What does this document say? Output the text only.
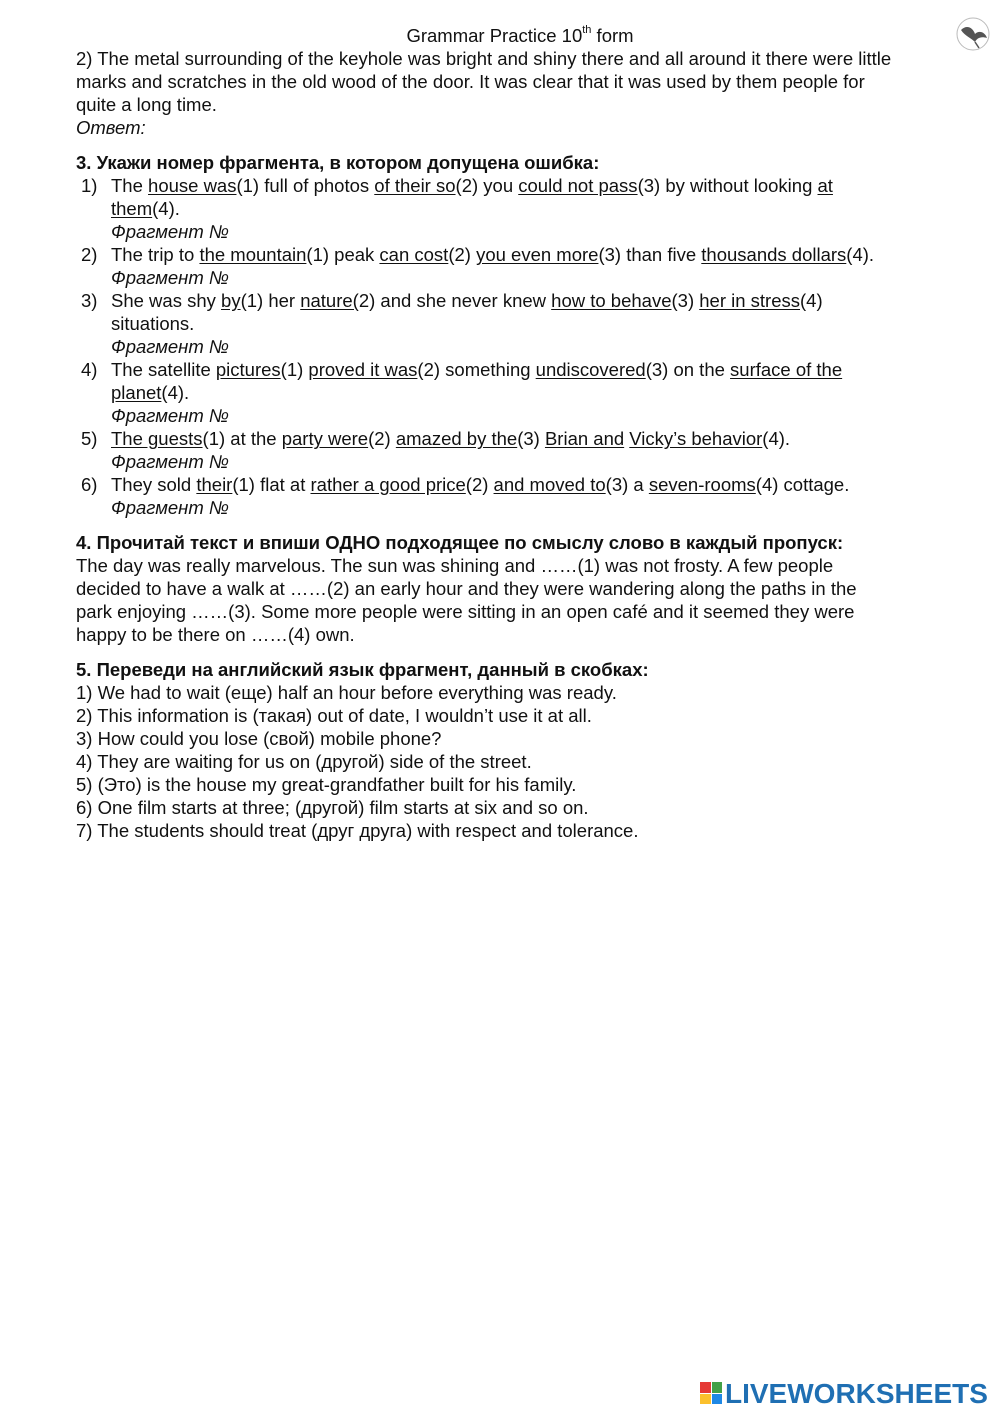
Grammar Practice 10th form

2) The metal surrounding of the keyhole was bright and shiny there and all around it there were little

marks and scratches in the old wood of the door. It was clear that it was used by them people for

quite a long time.

Ответ:

3. Укажи номер фрагмента, в котором допущена ошибка:

1) The house was(1) full of photos of their so(2) you could not pass(3) by without looking at
them(4).
Фрагмент №
2) The trip to the mountain(1) peak can cost(2) you even more(3) than five thousands dollars(4).
Фрагмент №
3) She was shy by(1) her nature(2) and she never knew how to behave(3) her in stress(4)
situations.
Фрагмент №
4) The satellite pictures(1) proved it was(2) something undiscovered(3) on the surface of the
planet(4).
Фрагмент №
5) The guests(1) at the party were(2) amazed by the(3) Brian and Vicky’s behavior(4).
Фрагмент №
6) They sold their(1) flat at rather a good price(2) and moved to(3) a seven-rooms(4) cottage.
Фрагмент №

4. Прочитай текст и впиши ОДНО подходящее по смыслу слово в каждый пропуск:

The day was really marvelous. The sun was shining and ……(1) was not frosty. A few people

decided to have a walk at ……(2) an early hour and they were wandering along the paths in the

park enjoying ……(3). Some more people were sitting in an open café and it seemed they were

happy to be there on ……(4) own.

5. Переведи на английский язык фрагмент, данный в скобках:

1) We had to wait (еще) half an hour before everything was ready.

2) This information is (такая) out of date, I wouldn’t use it at all.

3) How could you lose (свой) mobile phone?

4) They are waiting for us on (другой) side of the street.

5) (Это) is the house my great-grandfather built for his family.

6) One film starts at three; (другой) film starts at six and so on.

7) The students should treat (друг друга) with respect and tolerance.

LIVEWORKSHEETS
